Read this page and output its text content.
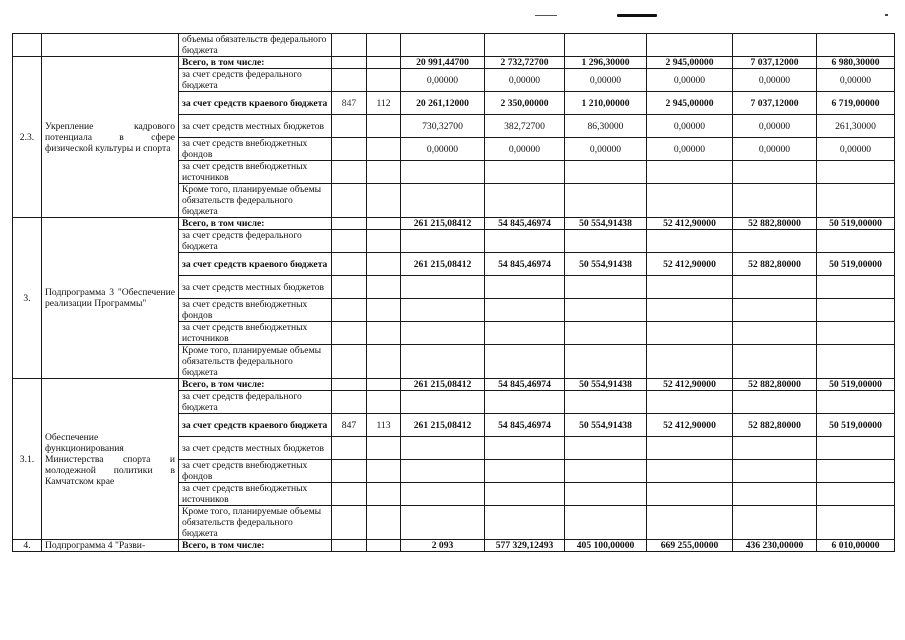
		объемы обязательств федерального бюджета								
2.3.	Укрепление кадрового потенциала в сфере физической культуры и спорта	Всего, в том числе:			20 991,44700	2 732,72700	1 296,30000	2 945,00000	7 037,12000	6 980,30000
		за счет средств федерального бюджета			0,00000	0,00000	0,00000	0,00000	0,00000	0,00000
		за счет средств краевого бюджета	847	112	20 261,12000	2 350,00000	1 210,00000	2 945,00000	7 037,12000	6 719,00000
		за счет средств местных бюджетов			730,32700	382,72700	86,30000	0,00000	0,00000	261,30000
		за счет средств внебюджетных фондов			0,00000	0,00000	0,00000	0,00000	0,00000	0,00000
		за счет средств внебюджетных источников								
		Кроме того, планируемые объемы обязательств федерального бюджета								
3.	Подпрограмма 3 "Обеспечение реализации Программы"	Всего, в том числе:			261 215,08412	54 845,46974	50 554,91438	52 412,90000	52 882,80000	50 519,00000
		за счет средств федерального бюджета								
		за счет средств краевого бюджета			261 215,08412	54 845,46974	50 554,91438	52 412,90000	52 882,80000	50 519,00000
		за счет средств местных бюджетов								
		за счет средств внебюджетных фондов								
		за счет средств внебюджетных источников								
		Кроме того, планируемые объемы обязательств федерального бюджета								
3.1.	Обеспечение функционирования Министерства спорта и молодежной политики в Камчатском крае	Всего, в том числе:			261 215,08412	54 845,46974	50 554,91438	52 412,90000	52 882,80000	50 519,00000
		за счет средств федерального бюджета								
		за счет средств краевого бюджета	847	113	261 215,08412	54 845,46974	50 554,91438	52 412,90000	52 882,80000	50 519,00000
		за счет средств местных бюджетов								
		за счет средств внебюджетных фондов								
		за счет средств внебюджетных источников								
		Кроме того, планируемые объемы обязательств федерального бюджета								
4.	Подпрограмма 4 "Разви-	Всего, в том числе:			2 093	577 329,12493	405 100,00000	669 255,00000	436 230,00000	6 010,00000
